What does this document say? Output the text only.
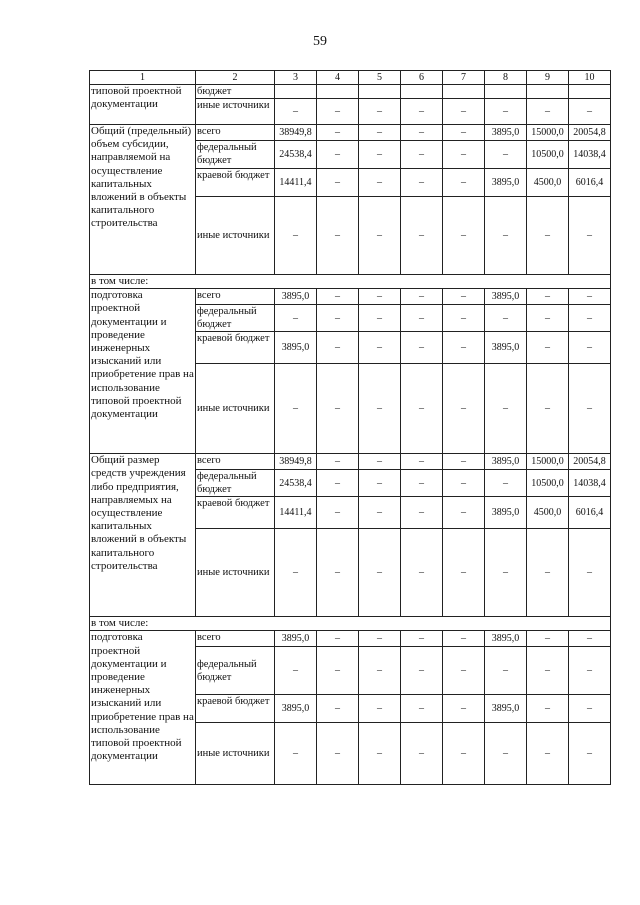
59
1	2	3	4	5	6	7	8	9	10
типовой проектной документации	бюджет								
	иные источники	–	–	–	–	–	–	–	–
Общий (предельный) объем субсидии, направляемой на осуществление капитальных вложений в объекты капитального строительства	всего	38949,8	–	–	–	–	3895,0	15000,0	20054,8
	федеральный бюджет	24538,4	–	–	–	–	–	10500,0	14038,4
	краевой бюджет	14411,4	–	–	–	–	3895,0	4500,0	6016,4
	иные источники	–	–	–	–	–	–	–	–
в том числе:									
подготовка проектной документации и проведение инженерных изысканий или приобретение прав на использование типовой проектной документации	всего	3895,0	–	–	–	–	3895,0	–	–
	федеральный бюджет	–	–	–	–	–	–	–	–
	краевой бюджет	3895,0	–	–	–	–	3895,0	–	–
	иные источники	–	–	–	–	–	–	–	–
Общий размер средств учреждения либо предприятия, направляемых на осуществление капитальных вложений в объекты капитального строительства	всего	38949,8	–	–	–	–	3895,0	15000,0	20054,8
	федеральный бюджет	24538,4	–	–	–	–	–	10500,0	14038,4
	краевой бюджет	14411,4	–	–	–	–	3895,0	4500,0	6016,4
	иные источники	–	–	–	–	–	–	–	–
в том числе:									
подготовка проектной документации и проведение инженерных изысканий или приобретение прав на использование типовой проектной документации	всего	3895,0	–	–	–	–	3895,0	–	–
	федеральный бюджет	–	–	–	–	–	–	–	–
	краевой бюджет	3895,0	–	–	–	–	3895,0	–	–
	иные источники	–	–	–	–	–	–	–	–
